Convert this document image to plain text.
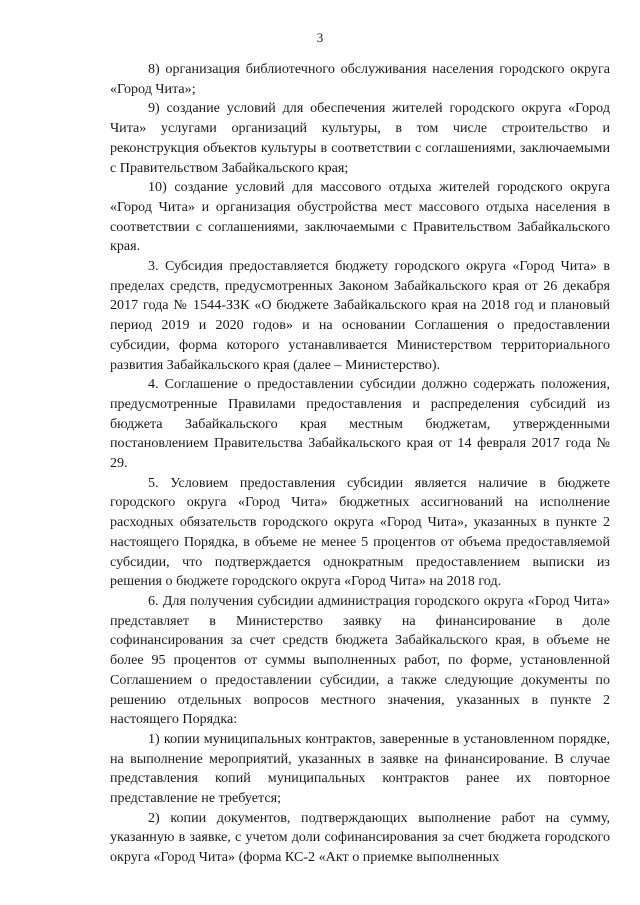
3

8) организация библиотечного обслуживания населения городского округа «Город Чита»;

9) создание условий для обеспечения жителей городского округа «Город Чита» услугами организаций культуры, в том числе строительство и реконструкция объектов культуры в соответствии с соглашениями, заключаемыми с Правительством Забайкальского края;

10) создание условий для массового отдыха жителей городского округа «Город Чита» и организация обустройства мест массового отдыха населения в соответствии с соглашениями, заключаемыми с Правительством Забайкальского края.

3. Субсидия предоставляется бюджету городского округа «Город Чита» в пределах средств, предусмотренных Законом Забайкальского края от 26 декабря 2017 года № 1544-ЗЗК «О бюджете Забайкальского края на 2018 год и плановый период 2019 и 2020 годов» и на основании Соглашения о предоставлении субсидии, форма которого устанавливается Министерством территориального развития Забайкальского края (далее – Министерство).

4. Соглашение о предоставлении субсидии должно содержать положения, предусмотренные Правилами предоставления и распределения субсидий из бюджета Забайкальского края местным бюджетам, утвержденными постановлением Правительства Забайкальского края от 14 февраля 2017 года № 29.

5. Условием предоставления субсидии является наличие в бюджете городского округа «Город Чита» бюджетных ассигнований на исполнение расходных обязательств городского округа «Город Чита», указанных в пункте 2 настоящего Порядка, в объеме не менее 5 процентов от объема предоставляемой субсидии, что подтверждается однократным предоставлением выписки из решения о бюджете городского округа «Город Чита» на 2018 год.

6. Для получения субсидии администрация городского округа «Город Чита» представляет в Министерство заявку на финансирование в доле софинансирования за счет средств бюджета Забайкальского края, в объеме не более 95 процентов от суммы выполненных работ, по форме, установленной Соглашением о предоставлении субсидии, а также следующие документы по решению отдельных вопросов местного значения, указанных в пункте 2 настоящего Порядка:

1) копии муниципальных контрактов, заверенные в установленном порядке, на выполнение мероприятий, указанных в заявке на финансирование. В случае представления копий муниципальных контрактов ранее их повторное представление не требуется;

2) копии документов, подтверждающих выполнение работ на сумму, указанную в заявке, с учетом доли софинансирования за счет бюджета городского округа «Город Чита» (форма КС-2 «Акт о приемке выполненных
